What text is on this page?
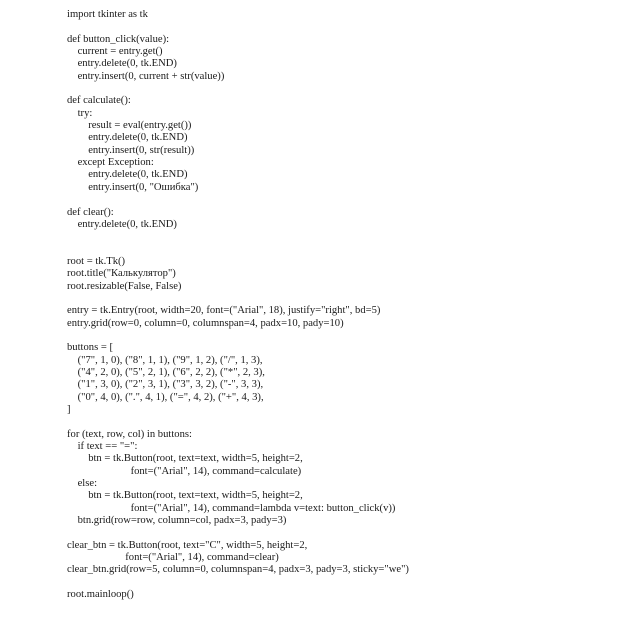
import tkinter as tk
def button_click(value):
current = entry.get()
entry.delete(0, tk.END)
entry.insert(0, current + str(value))
def calculate():
try:
result = eval(entry.get())
entry.delete(0, tk.END)
entry.insert(0, str(result))
except Exception:
entry.delete(0, tk.END)
entry.insert(0, "Ошибка")
def clear():
entry.delete(0, tk.END)
root = tk.Tk()
root.title("Калькулятор")
root.resizable(False, False)
entry = tk.Entry(root, width=20, font=("Arial", 18), justify="right", bd=5)
entry.grid(row=0, column=0, columnspan=4, padx=10, pady=10)
buttons = [
("7", 1, 0), ("8", 1, 1), ("9", 1, 2), ("/", 1, 3),
("4", 2, 0), ("5", 2, 1), ("6", 2, 2), ("*", 2, 3),
("1", 3, 0), ("2", 3, 1), ("3", 3, 2), ("-", 3, 3),
("0", 4, 0), (".", 4, 1), ("=", 4, 2), ("+", 4, 3),
]
for (text, row, col) in buttons:
if text == "=":
btn = tk.Button(root, text=text, width=5, height=2,
font=("Arial", 14), command=calculate)
else:
btn = tk.Button(root, text=text, width=5, height=2,
font=("Arial", 14), command=lambda v=text: button_click(v))
btn.grid(row=row, column=col, padx=3, pady=3)
clear_btn = tk.Button(root, text="C", width=5, height=2,
font=("Arial", 14), command=clear)
clear_btn.grid(row=5, column=0, columnspan=4, padx=3, pady=3, sticky="we")
root.mainloop()
